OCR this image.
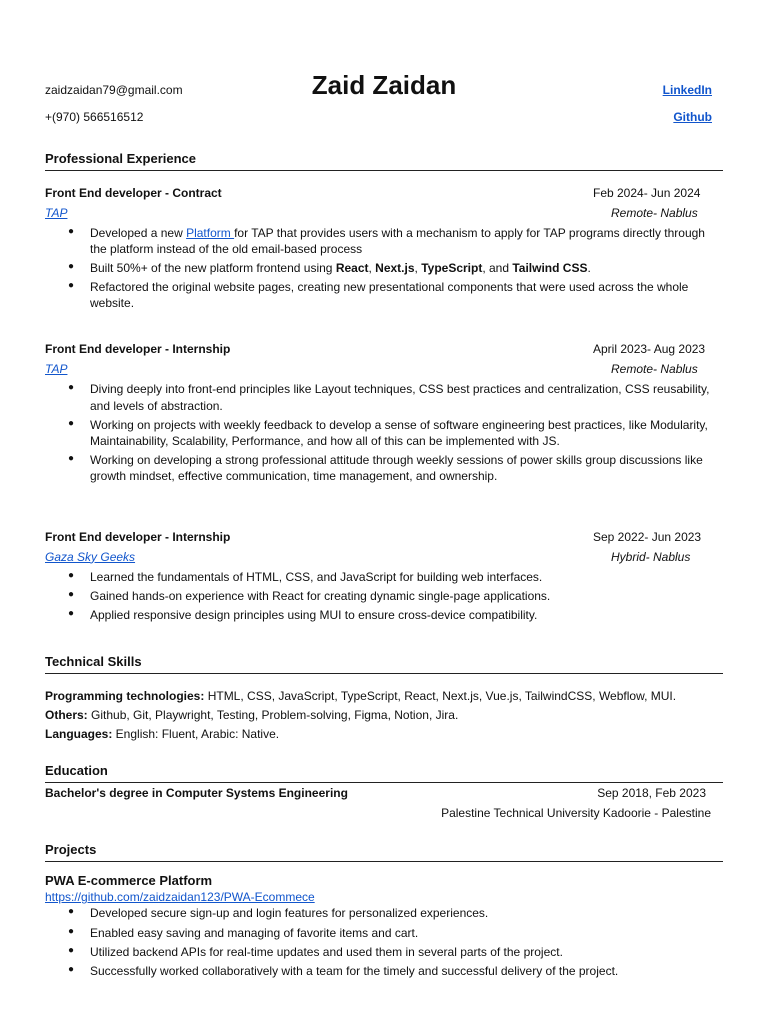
zaidzaidan79@gmail.com
+(970) 566516512
Zaid Zaidan	LinkedIn
Github
Professional Experience
Front End developer - Contract	Feb 2024- Jun 2024
TAP	Remote- Nablus
● Developed a new Platform for TAP that provides users with a mechanism to apply for TAP programs directly through the platform instead of the old email-based process
● Built 50%+ of the new platform frontend using React, Next.js, TypeScript, and Tailwind CSS.
● Refactored the original website pages, creating new presentational components that were used across the whole website.
Front End developer - Internship	April 2023- Aug 2023
TAP	Remote- Nablus
● Diving deeply into front-end principles like Layout techniques, CSS best practices and centralization, CSS reusability, and levels of abstraction.
● Working on projects with weekly feedback to develop a sense of software engineering best practices, like Modularity, Maintainability, Scalability, Performance, and how all of this can be implemented with JS.
● Working on developing a strong professional attitude through weekly sessions of power skills group discussions like growth mindset, effective communication, time management, and ownership.
Front End developer - Internship	Sep 2022- Jun 2023
Gaza Sky Geeks	Hybrid- Nablus
● Learned the fundamentals of HTML, CSS, and JavaScript for building web interfaces.
● Gained hands-on experience with React for creating dynamic single-page applications.
● Applied responsive design principles using MUI to ensure cross-device compatibility.
Technical Skills

Programming technologies: HTML, CSS, JavaScript, TypeScript, React, Next.js, Vue.js, TailwindCSS, Webflow, MUI.

Others: Github, Git, Playwright, Testing, Problem-solving, Figma, Notion, Jira.

Languages: English: Fluent, Arabic: Native.

Education
Bachelor's degree in Computer Systems Engineering	Sep 2018, Feb 2023
Palestine Technical University Kadoorie - Palestine
Projects
PWA E-commerce Platform
https://github.com/zaidzaidan123/PWA-Ecommece
● Developed secure sign-up and login features for personalized experiences.
● Enabled easy saving and managing of favorite items and cart.
● Utilized backend APIs for real-time updates and used them in several parts of the project.
● Successfully worked collaboratively with a team for the timely and successful delivery of the project.
